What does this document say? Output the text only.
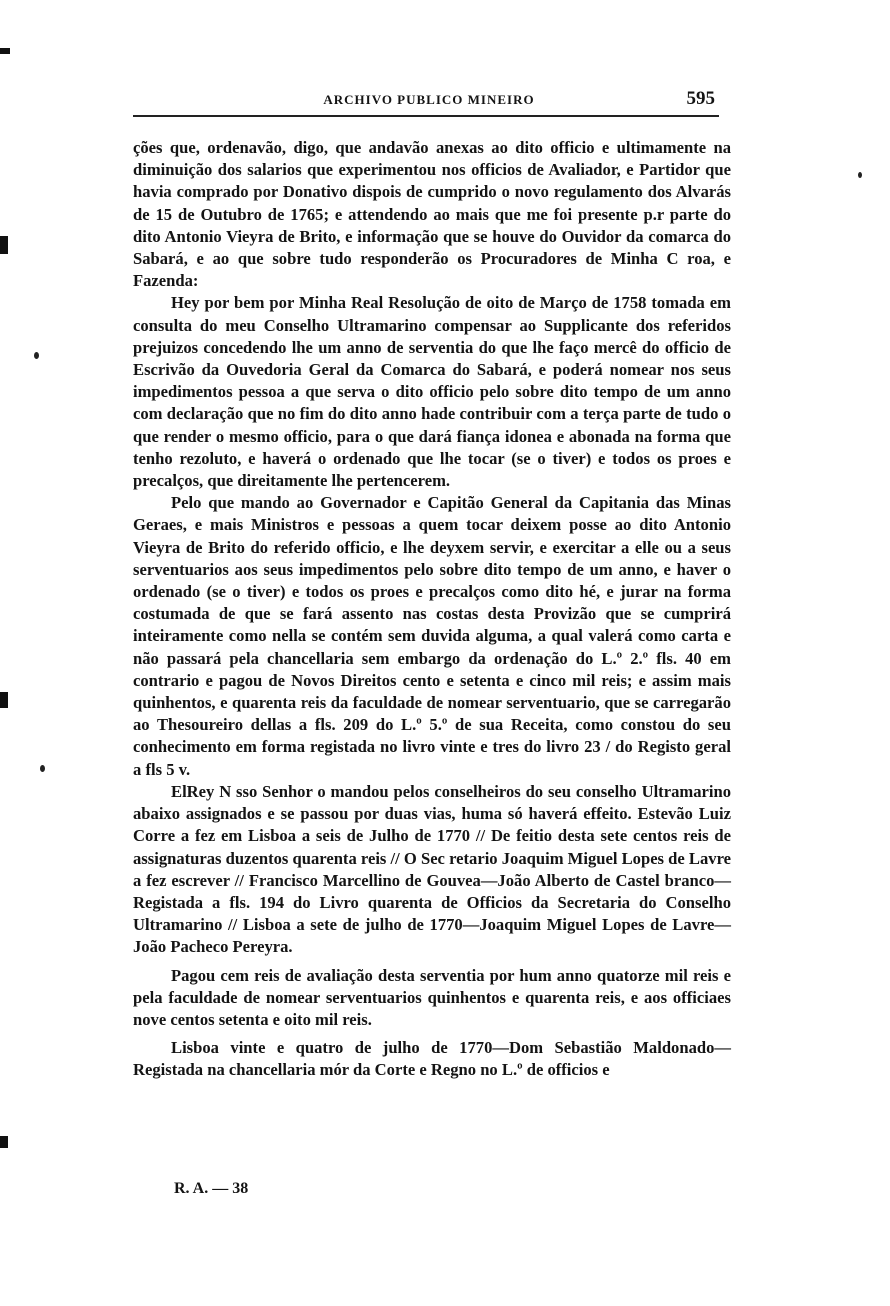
ARCHIVO PUBLICO MINEIRO	595

ções que, ordenavão, digo, que andavão anexas ao dito officio e ultimamente na diminuição dos salarios que experimentou nos officios de Avaliador, e Partidor que havia comprado por Donativo dispois de cumprido o novo regulamento dos Alvarás de 15 de Outubro de 1765; e attendendo ao mais que me foi presente p.r parte do dito Antonio Vieyra de Brito, e informação que se houve do Ouvidor da comarca do Sabará, e ao que sobre tudo responderão os Procuradores de Minha C roa, e Fazenda:

Hey por bem por Minha Real Resolução de oito de Março de 1758 tomada em consulta do meu Conselho Ultramarino compensar ao Supplicante dos referidos prejuizos concedendo lhe um anno de serventia do que lhe faço mercê do officio de Escrivão da Ouvedoria Geral da Comarca do Sabará, e poderá nomear nos seus impedimentos pessoa a que serva o dito officio pelo sobre dito tempo de um anno com declaração que no fim do dito anno hade contribuir com a terça parte de tudo o que render o mesmo officio, para o que dará fiança idonea e abonada na forma que tenho rezoluto, e haverá o ordenado que lhe tocar (se o tiver) e todos os proes e precalços, que direitamente lhe pertencerem.

Pelo que mando ao Governador e Capitão General da Capitania das Minas Geraes, e mais Ministros e pessoas a quem tocar deixem posse ao dito Antonio Vieyra de Brito do referido officio, e lhe deyxem servir, e exercitar a elle ou a seus serventuarios aos seus impedimentos pelo sobre dito tempo de um anno, e haver o ordenado (se o tiver) e todos os proes e precalços como dito hé, e jurar na forma costumada de que se fará assento nas costas desta Provizão que se cumprirá inteiramente como nella se contém sem duvida alguma, a qual valerá como carta e não passará pela chancellaria sem embargo da ordenação do L.º 2.º fls. 40 em contrario e pagou de Novos Direitos cento e setenta e cinco mil reis; e assim mais quinhentos, e quarenta reis da faculdade de nomear serventuario, que se carregarão ao Thesoureiro dellas a fls. 209 do L.º 5.º de sua Receita, como constou do seu conhecimento em forma registada no livro vinte e tres do livro 23 / do Registo geral a fls 5 v.

ElRey N sso Senhor o mandou pelos conselheiros do seu conselho Ultramarino abaixo assignados e se passou por duas vias, huma só haverá effeito. Estevão Luiz Corre a fez em Lisboa a seis de Julho de 1770 // De feitio desta sete centos reis de assignaturas duzentos quarenta reis // O Sec retario Joaquim Miguel Lopes de Lavre a fez escrever // Francisco Marcellino de Gouvea—João Alberto de Castel branco—Registada a fls. 194 do Livro quarenta de Officios da Secretaria do Conselho Ultramarino // Lisboa a sete de julho de 1770—Joaquim Miguel Lopes de Lavre—João Pacheco Pereyra.

Pagou cem reis de avaliação desta serventia por hum anno quatorze mil reis e pela faculdade de nomear serventuarios quinhentos e quarenta reis, e aos officiaes nove centos setenta e oito mil reis.

Lisboa vinte e quatro de julho de 1770—Dom Sebastião Maldonado—Registada na chancellaria mór da Corte e Regno no L.º de officios e

R. A. — 38
